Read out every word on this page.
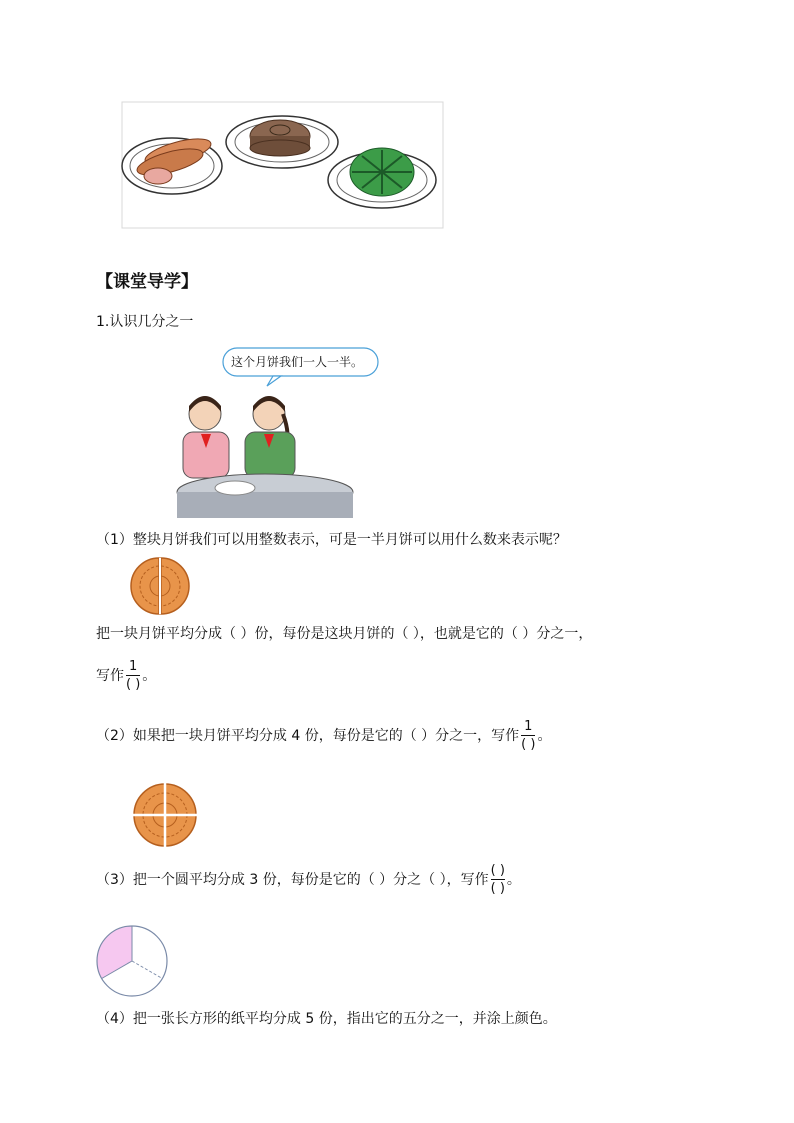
【课堂导学】
1.认识几分之一
这个月饼我们一人一半。
（1）整块月饼我们可以用整数表示，可是一半月饼可以用什么数来表示呢？
把一块月饼平均分成（ ）份，每份是这块月饼的（ ），也就是它的（ ）分之一，
写作 $\frac{1}{( )}$ 。
（2）如果把一块月饼平均分成 4 份，每份是它的（ ）分之一，写作 $\frac{1}{( )}$ 。
（3）把一个圆平均分成 3 份，每份是它的（ ）分之（ ），写作 $\frac{( )}{( )}$ 。
（4）把一张长方形的纸平均分成 5 份，指出它的五分之一，并涂上颜色。
